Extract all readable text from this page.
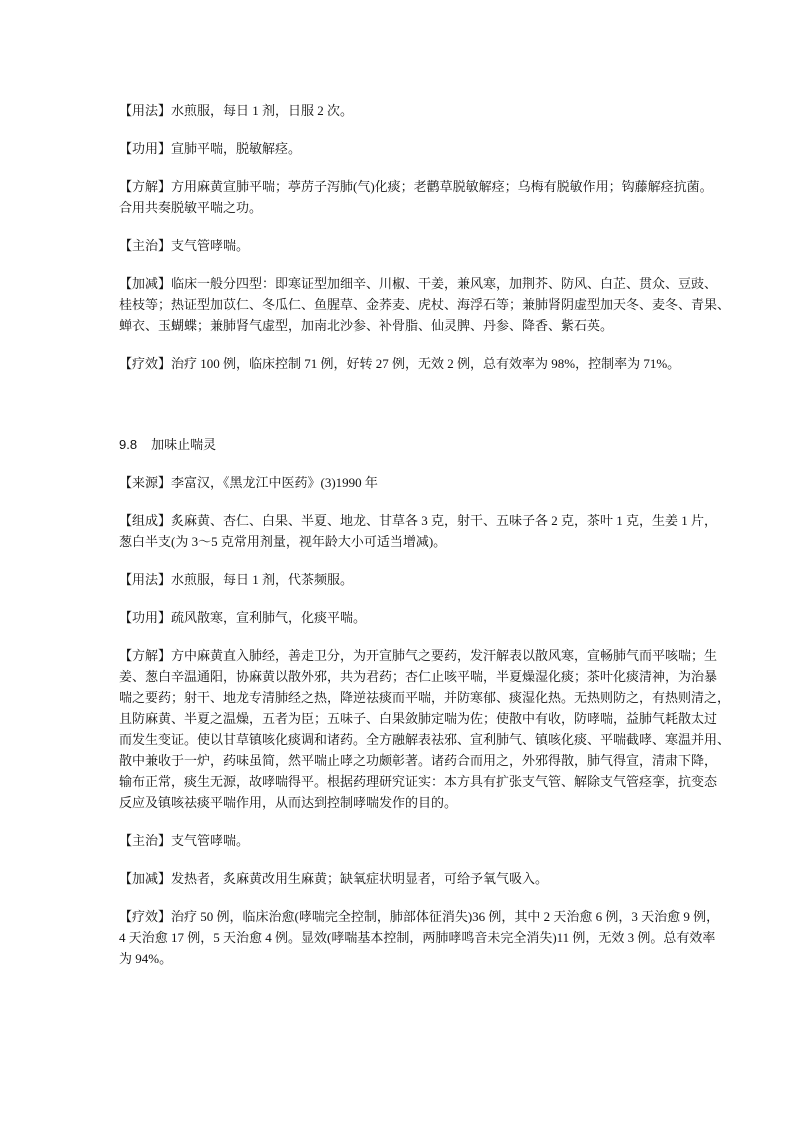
【用法】水煎服，每日 1 剂，日服 2 次。
【功用】宣肺平喘，脱敏解痉。
【方解】方用麻黄宣肺平喘；葶苈子泻肺(气)化痰；老鹳草脱敏解痉；乌梅有脱敏作用；钩藤解痉抗菌。
合用共奏脱敏平喘之功。
【主治】支气管哮喘。
【加减】临床一般分四型：即寒证型加细辛、川椒、干姜，兼风寒，加荆芥、防风、白芷、贯众、豆豉、
桂枝等；热证型加苡仁、冬瓜仁、鱼腥草、金荞麦、虎杖、海浮石等；兼肺肾阴虚型加天冬、麦冬、青果、
蝉衣、玉蝴蝶；兼肺肾气虚型，加南北沙参、补骨脂、仙灵脾、丹参、降香、紫石英。
【疗效】治疗 100 例，临床控制 71 例，好转 27 例，无效 2 例，总有效率为 98%，控制率为 71%。
9.8 加味止喘灵
【来源】李富汉，《黑龙江中医药》(3)1990 年
【组成】炙麻黄、杏仁、白果、半夏、地龙、甘草各 3 克，射干、五味子各 2 克，茶叶 1 克，生姜 1 片，
葱白半支(为 3～5 克常用剂量，视年龄大小可适当增减)。
【用法】水煎服，每日 1 剂，代茶频服。
【功用】疏风散寒，宣利肺气，化痰平喘。
【方解】方中麻黄直入肺经，善走卫分，为开宣肺气之要药，发汗解表以散风寒，宣畅肺气而平咳喘；生
姜、葱白辛温通阳，协麻黄以散外邪，共为君药；杏仁止咳平喘，半夏燥湿化痰；茶叶化痰清神，为治暴
喘之要药；射干、地龙专清肺经之热，降逆祛痰而平喘，并防寒郁、痰湿化热。无热则防之，有热则清之，
且防麻黄、半夏之温燥，五者为臣；五味子、白果敛肺定喘为佐；使散中有收，防哮喘，益肺气耗散太过
而发生变证。使以甘草镇咳化痰调和诸药。全方融解表祛邪、宣利肺气、镇咳化痰、平喘截哮、寒温并用、
散中兼收于一炉，药味虽简，然平喘止哮之功颇彰著。诸药合而用之，外邪得散，肺气得宣，清肃下降，
输布正常，痰生无源，故哮喘得平。根据药理研究证实：本方具有扩张支气管、解除支气管痉挛，抗变态
反应及镇咳祛痰平喘作用，从而达到控制哮喘发作的目的。
【主治】支气管哮喘。
【加减】发热者，炙麻黄改用生麻黄；缺氧症状明显者，可给予氧气吸入。
【疗效】治疗 50 例，临床治愈(哮喘完全控制，肺部体征消失)36 例，其中 2 天治愈 6 例，3 天治愈 9 例，
4 天治愈 17 例，5 天治愈 4 例。显效(哮喘基本控制，两肺哮鸣音未完全消失)11 例，无效 3 例。总有效率
为 94%。
